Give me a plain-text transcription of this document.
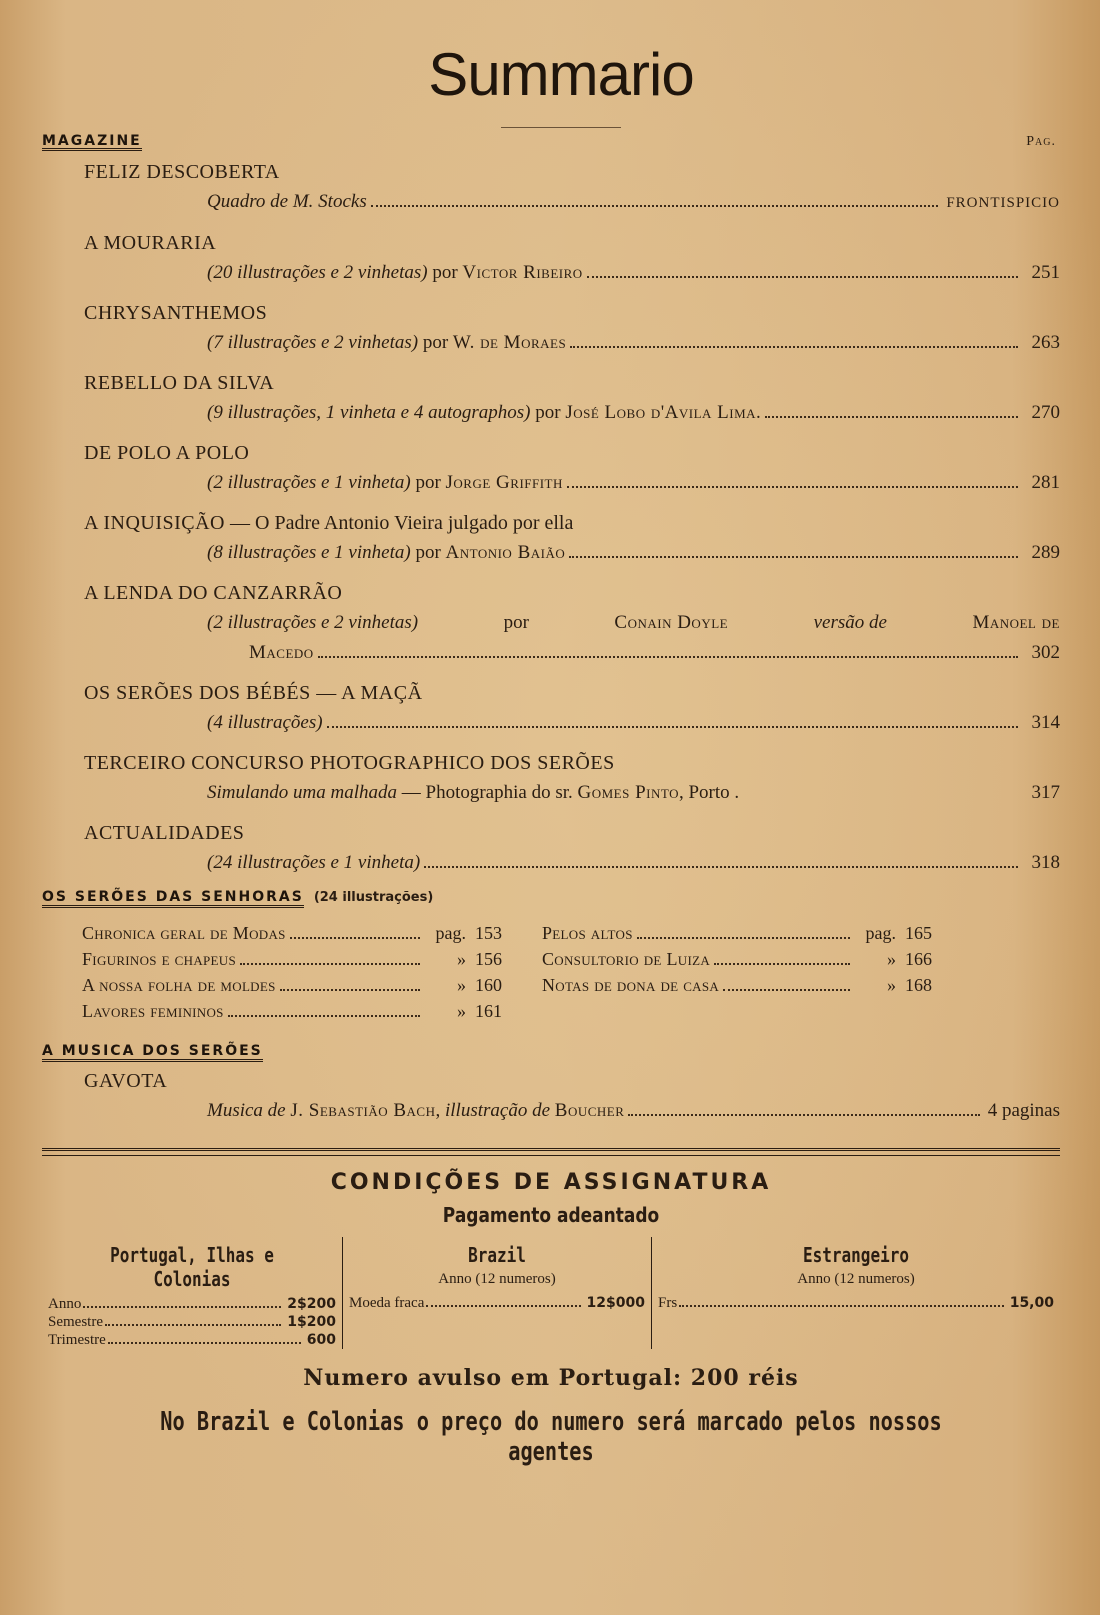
Summario
MAGAZINE	Pag.
FELIZ DESCOBERTA
Quadro de M. Stocks	FRONTISPICIO
A MOURARIA
(20 illustrações e 2 vinhetas) por Victor Ribeiro	251
CHRYSANTHEMOS
(7 illustrações e 2 vinhetas) por W. de Moraes	263
REBELLO DA SILVA
(9 illustrações, 1 vinheta e 4 autographos) por José Lobo d'Avila Lima.	270
DE POLO A POLO
(2 illustrações e 1 vinheta) por Jorge Griffith	281
A INQUISIÇÃO — O Padre Antonio Vieira julgado por ella
(8 illustrações e 1 vinheta) por Antonio Baião	289
A LENDA DO CANZARRÃO
(2 illustrações e 2 vinhetas)	por	Conain Doyle	versão de	Manoel de
Macedo	302
OS SERÕES DOS BÉBÉS — A MAÇÃ
(4 illustrações)	314
TERCEIRO CONCURSO PHOTOGRAPHICO DOS SERÕES
Simulando uma malhada — Photographia do sr. Gomes Pinto, Porto .	317
ACTUALIDADES
(24 illustrações e 1 vinheta)	318
OS SERÕES DAS SENHORAS (24 illustrações)
Chronica geral de Modas	pag. 153
Figurinos e chapeus	» 156
A nossa folha de moldes	» 160
Lavores femininos	» 161
Pelos altos	pag. 165
Consultorio de Luiza	» 166
Notas de dona de casa	» 168
A MUSICA DOS SERÕES
GAVOTA
Musica de J. Sebastião Bach, illustração de Boucher	4 paginas
CONDIÇÕES DE ASSIGNATURA
Pagamento adeantado
Portugal, Ilhas e Colonias
Anno	2$200
Semestre	1$200
Trimestre	600
Brazil
Anno (12 numeros)
Moeda fraca	12$000
Estrangeiro
Anno (12 numeros)
Frs	15,00
Numero avulso em Portugal: 200 réis
No Brazil e Colonias o preço do numero será marcado pelos nossos agentes
